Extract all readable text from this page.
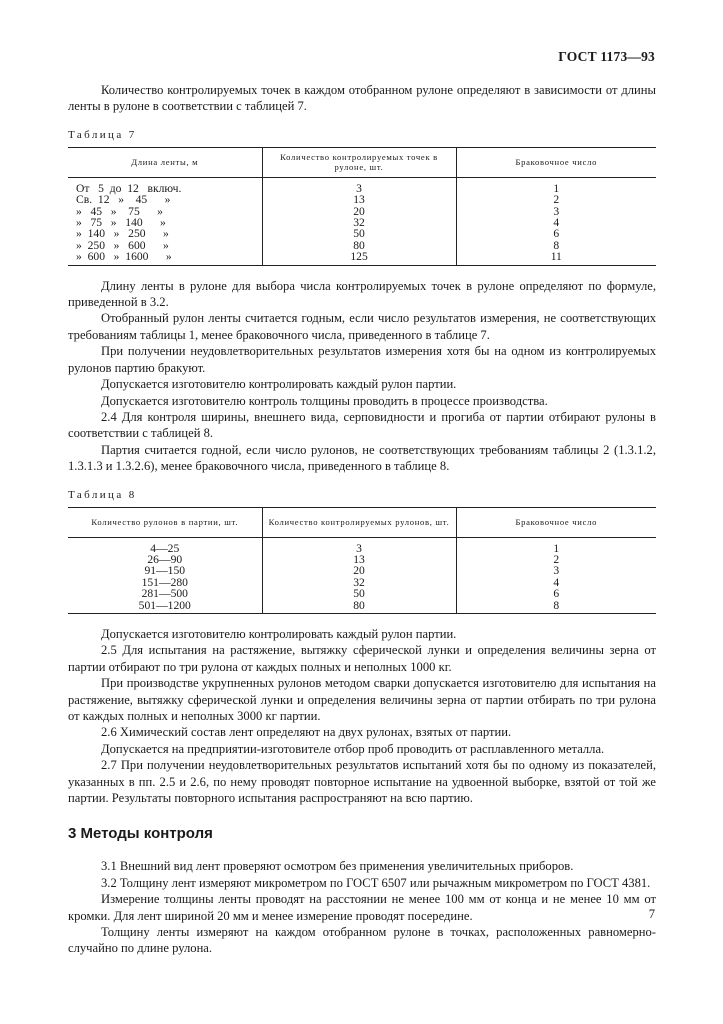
ГОСТ 1173—93

Количество контролируемых точек в каждом отобранном рулоне определяют в зависимости от длины ленты в рулоне в соответствии с таблицей 7.

Таблица 7
Длина ленты, м	Количество контролируемых точек в рулоне, шт.	Браковочное число
От   5  до  12   включ.	3	1
Св.  12   »    45      »	13	2
»   45   »    75      »	20	3
»   75   »   140      »	32	4
»  140   »   250      »	50	6
»  250   »   600      »	80	8
»  600   »  1600      »	125	11

Длину ленты в рулоне для выбора числа контролируемых точек в рулоне определяют по формуле, приведенной в 3.2.

Отобранный рулон ленты считается годным, если число результатов измерения, не соответствующих требованиям таблицы 1, менее браковочного числа, приведенного в таблице 7.

При получении неудовлетворительных результатов измерения хотя бы на одном из контролируемых рулонов партию бракуют.

Допускается изготовителю контролировать каждый рулон партии.

Допускается изготовителю контроль толщины проводить в процессе производства.

2.4 Для контроля ширины, внешнего вида, серповидности и прогиба от партии отбирают рулоны в соответствии с таблицей 8.

Партия считается годной, если число рулонов, не соответствующих требованиям таблицы 2 (1.3.1.2, 1.3.1.3 и 1.3.2.6), менее браковочного числа, приведенного в таблице 8.

Таблица 8
Количество рулонов в партии, шт.	Количество контролируемых рулонов, шт.	Браковочное число
4—25	3	1
26—90	13	2
91—150	20	3
151—280	32	4
281—500	50	6
501—1200	80	8

Допускается изготовителю контролировать каждый рулон партии.

2.5 Для испытания на растяжение, вытяжку сферической лунки и определения величины зерна от партии отбирают по три рулона от каждых полных и неполных 1000 кг.

При производстве укрупненных рулонов методом сварки допускается изготовителю для испытания на растяжение, вытяжку сферической лунки и определения величины зерна от партии отбирать по три рулона от каждых полных и неполных 3000 кг партии.

2.6 Химический состав лент определяют на двух рулонах, взятых от партии.

Допускается на предприятии-изготовителе отбор проб проводить от расплавленного металла.

2.7 При получении неудовлетворительных результатов испытаний хотя бы по одному из показателей, указанных в пп. 2.5 и 2.6, по нему проводят повторное испытание на удвоенной выборке, взятой от той же партии. Результаты повторного испытания распространяют на всю партию.

3 Методы контроля

3.1 Внешний вид лент проверяют осмотром без применения увеличительных приборов.

3.2 Толщину лент измеряют микрометром по ГОСТ 6507 или рычажным микрометром по ГОСТ 4381.

Измерение толщины ленты проводят на расстоянии не менее 100 мм от конца и не менее 10 мм от кромки. Для лент шириной 20 мм и менее измерение проводят посередине.

Толщину ленты измеряют на каждом отобранном рулоне в точках, расположенных равномерно-случайно по длине рулона.

7
